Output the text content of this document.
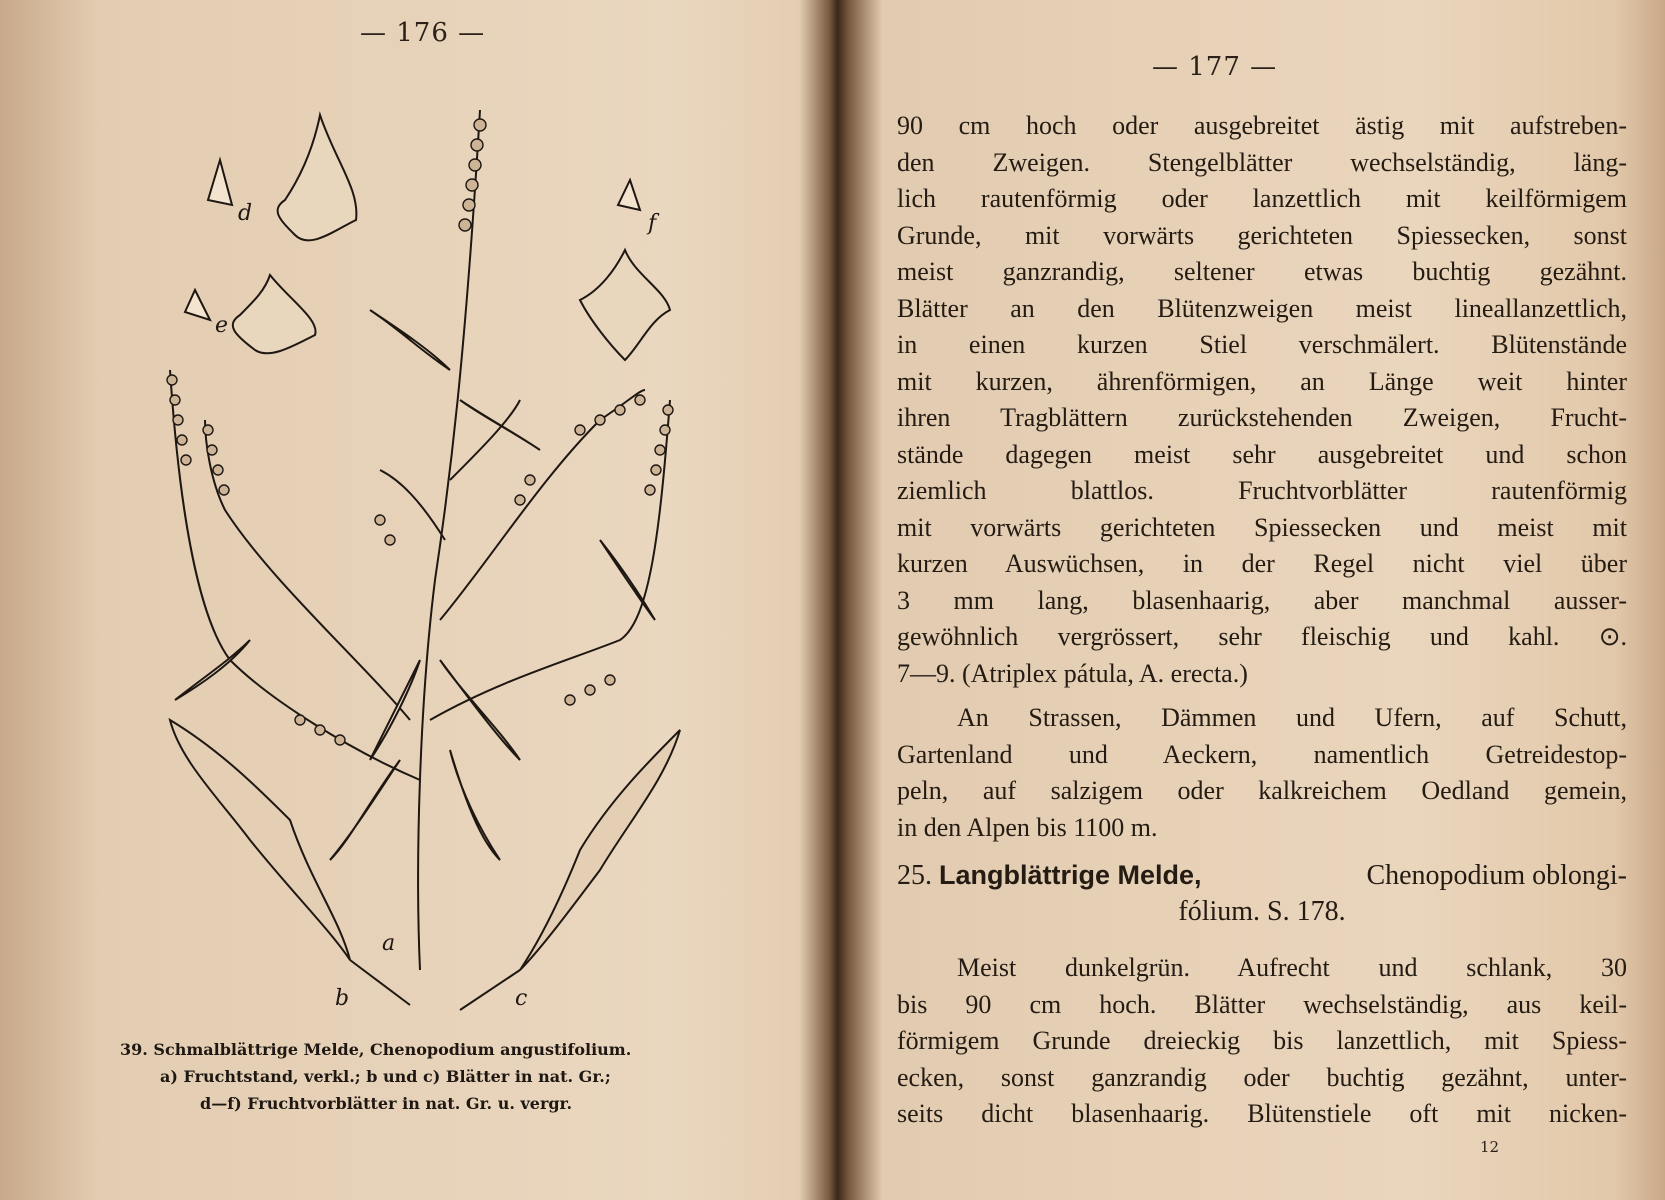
— 176 —
d
e
f
a
b	c
39. Schmalblättrige Melde, Chenopodium angustifolium.
a) Fruchtstand, verkl.; b und c) Blätter in nat. Gr.;
d—f) Fruchtvorblätter in nat. Gr. u. vergr.
— 177 —
90 cm hoch oder ausgebreitet ästig mit aufstreben-
den Zweigen. Stengelblätter wechselständig, läng-
lich rautenförmig oder lanzettlich mit keilförmigem
Grunde, mit vorwärts gerichteten Spiessecken, sonst
meist ganzrandig, seltener etwas buchtig gezähnt.
Blätter an den Blütenzweigen meist lineallanzettlich,
in einen kurzen Stiel verschmälert. Blütenstände
mit kurzen, ährenförmigen, an Länge weit hinter
ihren Tragblättern zurückstehenden Zweigen, Frucht-
stände dagegen meist sehr ausgebreitet und schon
ziemlich blattlos. Fruchtvorblätter rautenförmig
mit vorwärts gerichteten Spiessecken und meist mit
kurzen Auswüchsen, in der Regel nicht viel über
3 mm lang, blasenhaarig, aber manchmal ausser-
gewöhnlich vergrössert, sehr fleischig und kahl. ⊙.
7—9. (Atriplex pátula, A. erecta.)
An Strassen, Dämmen und Ufern, auf Schutt,
Gartenland und Aeckern, namentlich Getreidestop-
peln, auf salzigem oder kalkreichem Oedland gemein,
in den Alpen bis 1100 m.
25. Langblättrige Melde,	Chenopodium oblongi-
fólium. S. 178.
Meist dunkelgrün. Aufrecht und schlank, 30
bis 90 cm hoch. Blätter wechselständig, aus keil-
förmigem Grunde dreieckig bis lanzettlich, mit Spiess-
ecken, sonst ganzrandig oder buchtig gezähnt, unter-
seits dicht blasenhaarig. Blütenstiele oft mit nicken-
12
